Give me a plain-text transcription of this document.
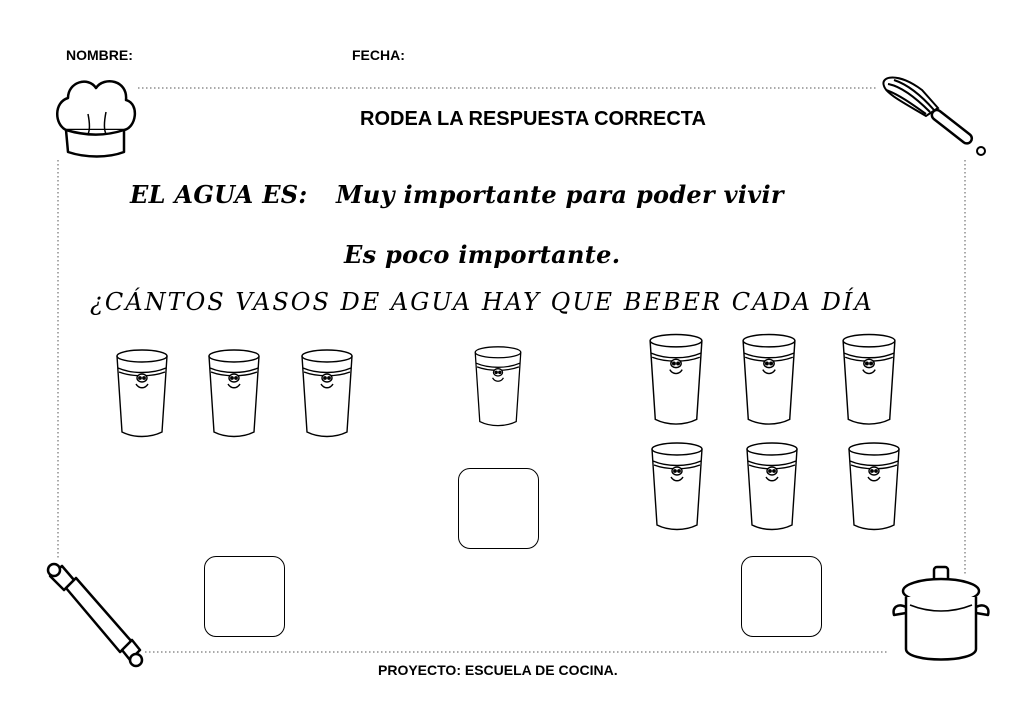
NOMBRE:	FECHA:
RODEA LA RESPUESTA CORRECTA
EL AGUA ES: Muy importante para poder vivir
Es poco importante.
¿CÁNTOS VASOS DE AGUA HAY QUE BEBER CADA DÍA
PROYECTO: ESCUELA DE COCINA.
